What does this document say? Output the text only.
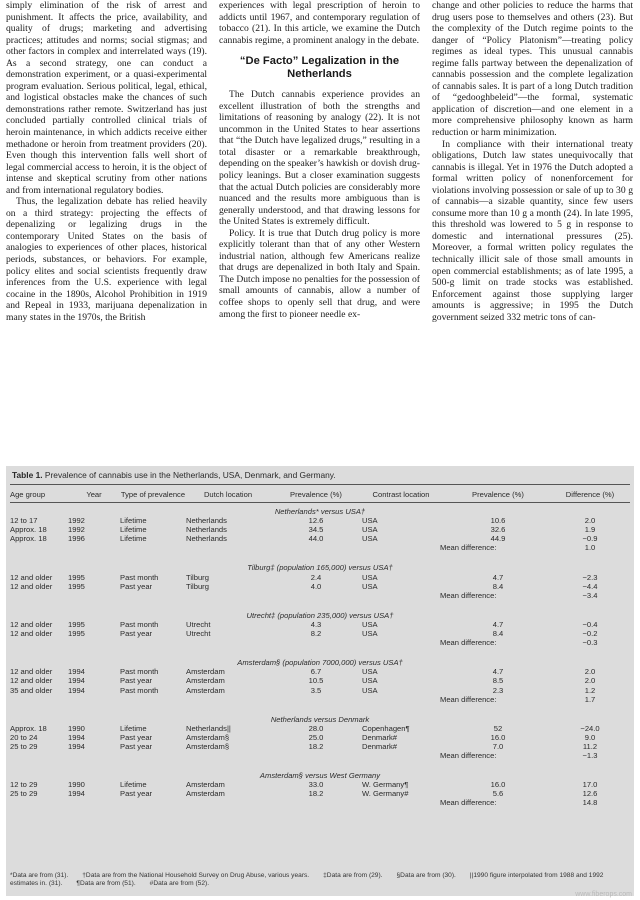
simply elimination of the risk of arrest and punishment. It affects the price, availability, and quality of drugs; marketing and advertising practices; attitudes and norms; social stigmas; and other factors in complex and interrelated ways (19). As a second strategy, one can conduct a demonstration experiment, or a quasi-experimental program evaluation. Serious political, legal, ethical, and logistical obstacles make the chances of such demonstrations rather remote. Switzerland has just concluded partially controlled clinical trials of heroin maintenance, in which addicts receive either methadone or heroin from treatment providers (20). Even though this intervention falls well short of legal commercial access to heroin, it is the object of intense and skeptical scrutiny from other nations and from international regulatory bodies.

Thus, the legalization debate has relied heavily on a third strategy: projecting the effects of depenalizing or legalizing drugs in the contemporary United States on the basis of analogies to experiences of other places, historical periods, substances, or behaviors. For example, policy elites and social scientists frequently draw inferences from the U.S. experience with legal cocaine in the 1890s, Alcohol Prohibition in 1919 and Repeal in 1933, marijuana depenalization in many states in the 1970s, the British

experiences with legal prescription of heroin to addicts until 1967, and contemporary regulation of tobacco (21). In this article, we examine the Dutch cannabis regime, a prominent analogy in the debate.

“De Facto” Legalization in the Netherlands

The Dutch cannabis experience provides an excellent illustration of both the strengths and limitations of reasoning by analogy (22). It is not uncommon in the United States to hear assertions that “the Dutch have legalized drugs,” resulting in a total disaster or a remarkable breakthrough, depending on the speaker’s hawkish or dovish drug-policy leanings. But a closer examination suggests that the actual Dutch policies are considerably more nuanced and the results more ambiguous than is generally understood, and that drawing lessons for the United States is extremely difficult.

Policy. It is true that Dutch drug policy is more explicitly tolerant than that of any other Western industrial nation, although few Americans realize that drugs are depenalized in both Italy and Spain. The Dutch impose no penalties for the possession of small amounts of cannabis, allow a number of coffee shops to openly sell that drug, and were among the first to pioneer needle ex-

change and other policies to reduce the harms that drug users pose to themselves and others (23). But the complexity of the Dutch regime points to the danger of “Policy Platonism”—treating policy regimes as ideal types. This unusual cannabis regime falls partway between the depenalization of cannabis possession and the complete legalization of cannabis sales. It is part of a long Dutch tradition of “gedooghbeleid”—the formal, systematic application of discretion—and one element in a more comprehensive philosophy known as harm reduction or harm minimization.

In compliance with their international treaty obligations, Dutch law states unequivocally that cannabis is illegal. Yet in 1976 the Dutch adopted a formal written policy of nonenforcement for violations involving possession or sale of up to 30 g of cannabis—a sizable quantity, since few users consume more than 10 g a month (24). In late 1995, this threshold was lowered to 5 g in response to domestic and international pressures (25). Moreover, a formal written policy regulates the technically illicit sale of those small amounts in open commercial establishments; as of late 1995, a 500-g limit on trade stocks was established. Enforcement against those supplying larger amounts is aggressive; in 1995 the Dutch government seized 332 metric tons of can-

Table 1. Prevalence of cannabis use in the Netherlands, USA, Denmark, and Germany.
Age group	Year	Type of prevalence	Dutch location	Prevalence (%)	Contrast location	Prevalence (%)	Difference (%)
Netherlands* versus USA†
12 to 17	1992	Lifetime	Netherlands	12.6	USA	10.6	2.0
Approx. 18	1992	Lifetime	Netherlands	34.5	USA	32.6	1.9
Approx. 18	1996	Lifetime	Netherlands	44.0	USA	44.9	−0.9
Mean difference:	1.0
Tilburg‡ (population 165,000) versus USA†
12 and older	1995	Past month	Tilburg	2.4	USA	4.7	−2.3
12 and older	1995	Past year	Tilburg	4.0	USA	8.4	−4.4
Mean difference:	−3.4
Utrecht‡ (population 235,000) versus USA†
12 and older	1995	Past month	Utrecht	4.3	USA	4.7	−0.4
12 and older	1995	Past year	Utrecht	8.2	USA	8.4	−0.2
Mean difference:	−0.3
Amsterdam§ (population 7000,000) versus USA†
12 and older	1994	Past month	Amsterdam	6.7	USA	4.7	2.0
12 and older	1994	Past year	Amsterdam	10.5	USA	8.5	2.0
35 and older	1994	Past month	Amsterdam	3.5	USA	2.3	1.2
Mean difference:	1.7
Netherlands versus Denmark
Approx. 18	1990	Lifetime	Netherlands||	28.0	Copenhagen¶	52	−24.0
20 to 24	1994	Past year	Amsterdam§	25.0	Denmark#	16.0	9.0
25 to 29	1994	Past year	Amsterdam§	18.2	Denmark#	7.0	11.2
Mean difference:	−1.3
Amsterdam§ versus West Germany
12 to 29	1990	Lifetime	Amsterdam	33.0	W. Germany¶	16.0	17.0
25 to 29	1994	Past year	Amsterdam	18.2	W. Germany#	5.6	12.6
Mean difference:	14.8
*Data are from (31). †Data are from the National Household Survey on Drug Abuse, various years. ‡Data are from (29). §Data are from (30). ||1990 figure interpolated from 1988 and 1992 estimates in. (31). ¶Data are from (51). #Data are from (52).
www.fiberops.com
